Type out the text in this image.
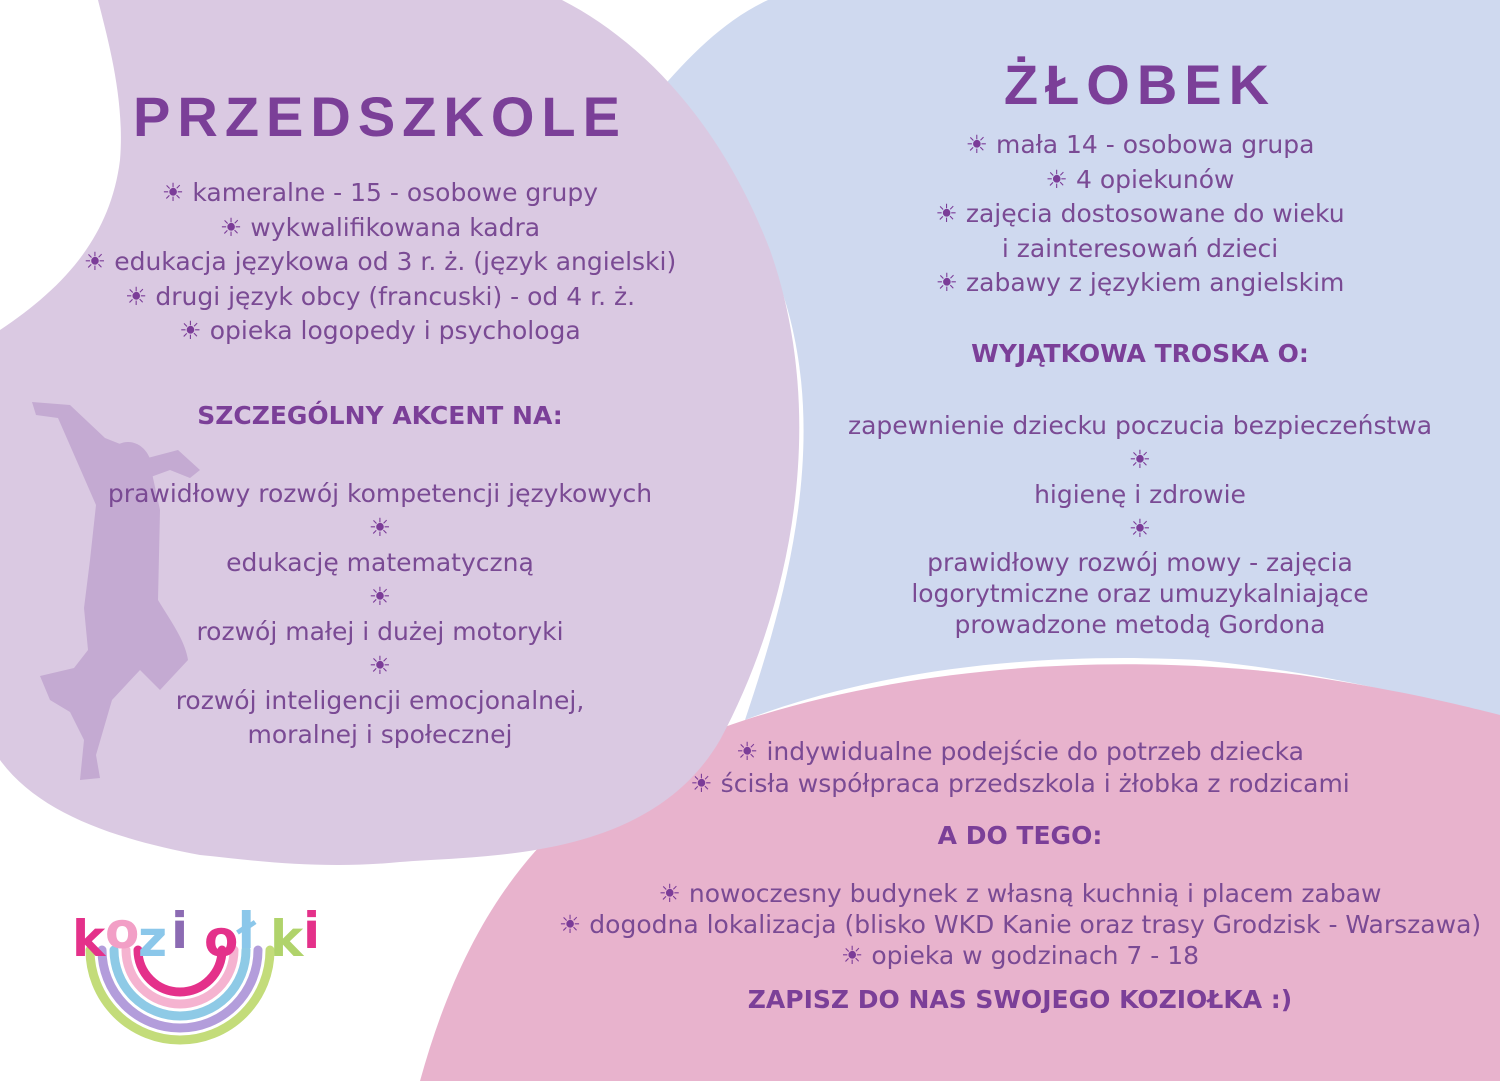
PRZEDSZKOLE
☀ kameralne - 15 - osobowe grupy
☀ wykwalifikowana kadra
☀ edukacja językowa od 3 r. ż. (język angielski)
☀ drugi język obcy (francuski) - od 4 r. ż.
☀ opieka logopedy i psychologa
SZCZEGÓLNY AKCENT NA:
prawidłowy rozwój kompetencji językowych
☀
edukację matematyczną
☀
rozwój małej i dużej motoryki
☀
rozwój inteligencji emocjonalnej,
moralnej i społecznej
ŻŁOBEK
☀ mała 14 - osobowa grupa
☀ 4 opiekunów
☀ zajęcia dostosowane do wieku
i zainteresowań dzieci
☀ zabawy z językiem angielskim
WYJĄTKOWA TROSKA O:
zapewnienie dziecku poczucia bezpieczeństwa
☀
higienę i zdrowie
☀
prawidłowy rozwój mowy - zajęcia
logorytmiczne oraz umuzykalniające
prowadzone metodą Gordona
☀ indywidualne podejście do potrzeb dziecka
☀ ścisła współpraca przedszkola i żłobka z rodzicami
A DO TEGO:
☀ nowoczesny budynek z własną kuchnią i placem zabaw
☀ dogodna lokalizacja (blisko WKD Kanie oraz trasy Grodzisk - Warszawa)
☀ opieka w godzinach 7 - 18
ZAPISZ DO NAS SWOJEGO KOZIOŁKA :)
k o
z i o
ł k i
